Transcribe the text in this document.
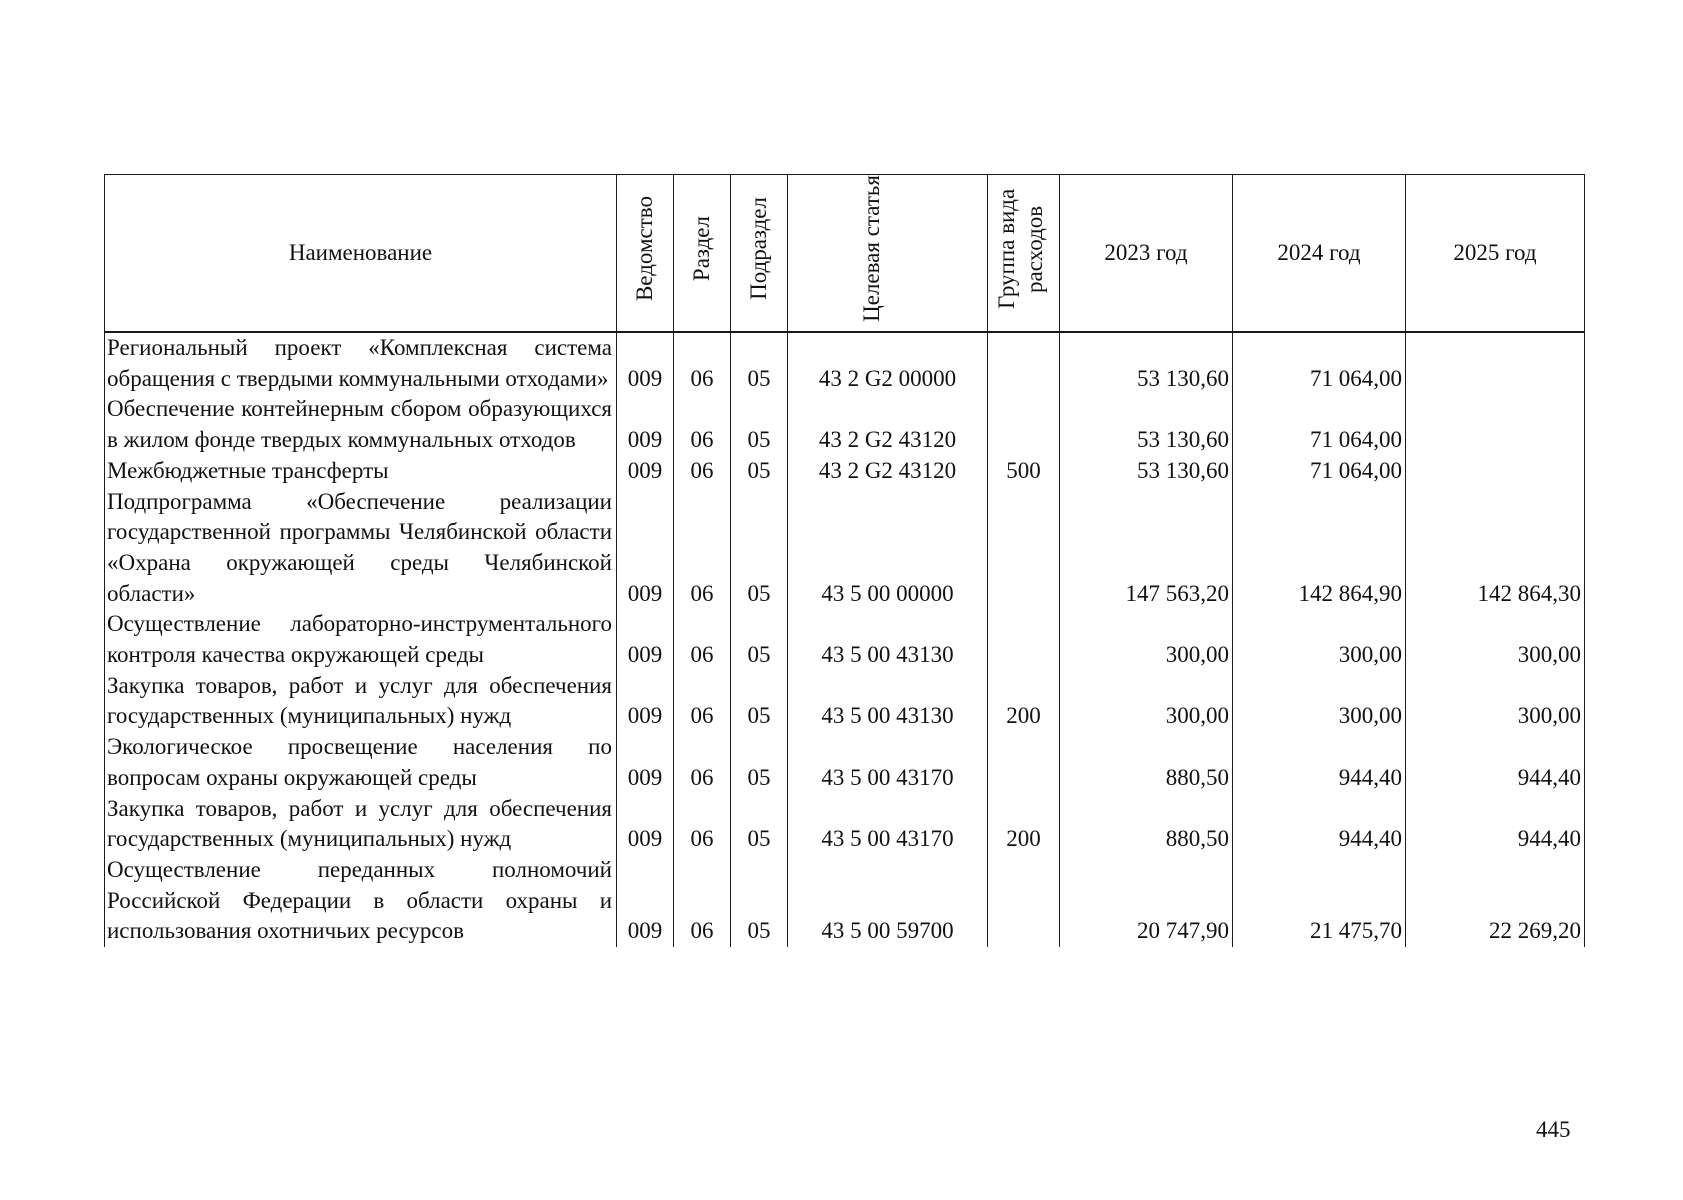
Наименование	Ведомство	Раздел	Подраздел	Целевая статья	Группа вида расходов	2023 год	2024 год	2025 год
Региональный проект «Комплексная система обращения с твердыми коммунальными отходами»	009	06	05	43 2 G2 00000		53 130,60	71 064,00	
Обеспечение контейнерным сбором образующихся в жилом фонде твердых коммунальных отходов	009	06	05	43 2 G2 43120		53 130,60	71 064,00	
Межбюджетные трансферты	009	06	05	43 2 G2 43120	500	53 130,60	71 064,00	
Подпрограмма «Обеспечение реализации государственной программы Челябинской области «Охрана окружающей среды Челябинской области»	009	06	05	43 5 00 00000		147 563,20	142 864,90	142 864,30
Осуществление лабораторно-инструментального контроля качества окружающей среды	009	06	05	43 5 00 43130		300,00	300,00	300,00
Закупка товаров, работ и услуг для обеспечения государственных (муниципальных) нужд	009	06	05	43 5 00 43130	200	300,00	300,00	300,00
Экологическое просвещение населения по вопросам охраны окружающей среды	009	06	05	43 5 00 43170		880,50	944,40	944,40
Закупка товаров, работ и услуг для обеспечения государственных (муниципальных) нужд	009	06	05	43 5 00 43170	200	880,50	944,40	944,40
Осуществление переданных полномочий Российской Федерации в области охраны и использования охотничьих ресурсов	009	06	05	43 5 00 59700		20 747,90	21 475,70	22 269,20
445
